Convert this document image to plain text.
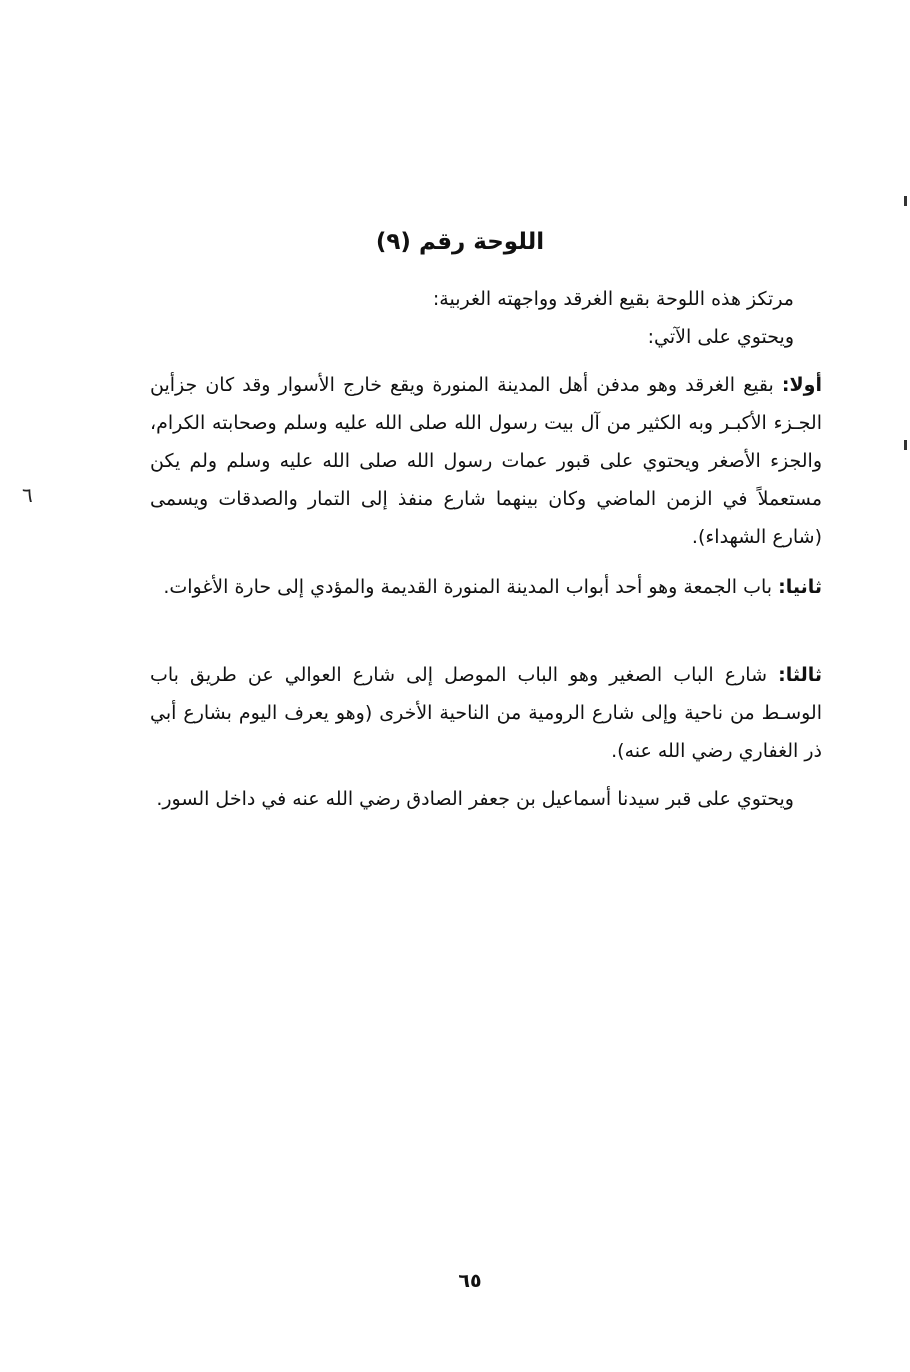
اللوحة رقم (٩)
مرتكز هذه اللوحة بقيع الغرقد وواجهته الغربية:
ويحتوي على الآتي:
أولا: بقيع الغرقد وهو مدفن أهل المدينة المنورة ويقع خارج الأسوار وقد كان جزأين الجـزء الأكبـر وبه الكثير من آل بيت رسول الله صلى الله عليه وسلم وصحابته الكرام، والجزء الأصغر ويحتوي على قبور عمات رسول الله صلى الله عليه وسلم ولم يكن مستعملاً في الزمن الماضي وكان بينهما شارع منفذ إلى التمار والصدقات ويسمى (شارع الشهداء).
ثانيا: باب الجمعة وهو أحد أبواب المدينة المنورة القديمة والمؤدي إلى حارة الأغوات.
ثالثا: شارع الباب الصغير وهو الباب الموصل إلى شارع العوالي عن طريق باب الوسـط من ناحية وإلى شارع الرومية من الناحية الأخرى (وهو يعرف اليوم بشارع أبي ذر الغفاري رضي الله عنه).
ويحتوي على قبر سيدنا أسماعيل بن جعفر الصادق رضي الله عنه في داخل السور.
٦
٦٥
